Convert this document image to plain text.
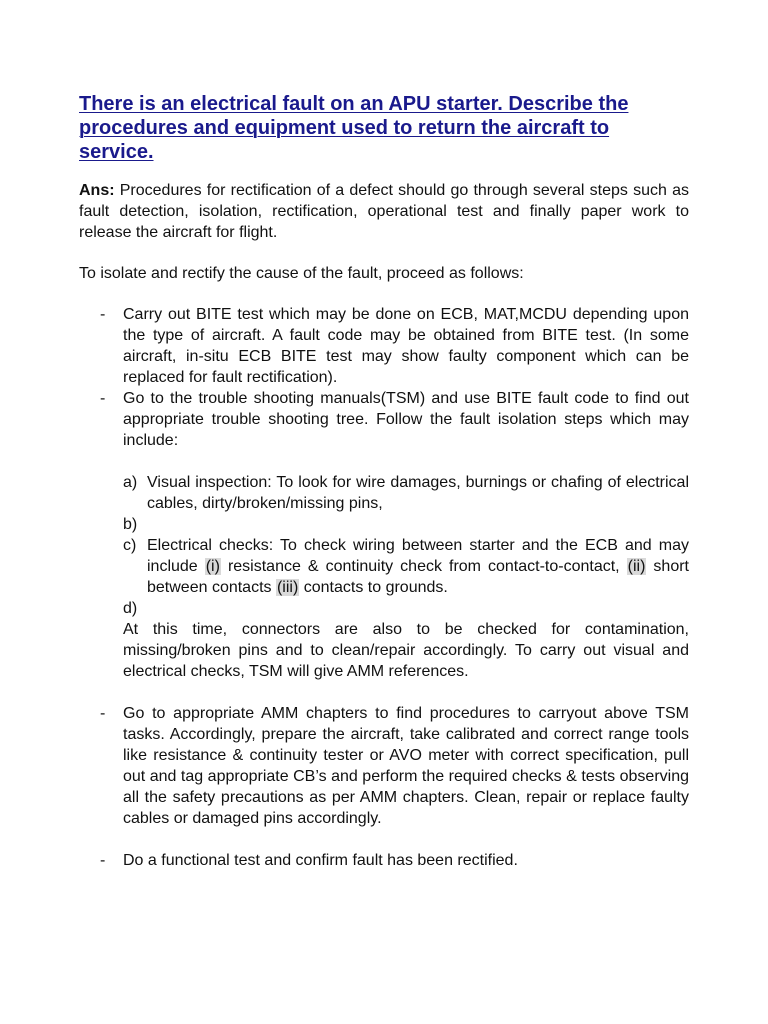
There is an electrical fault on an APU starter. Describe the procedures and equipment used to return the aircraft to service.

Ans: Procedures for rectification of a defect should go through several steps such as fault detection, isolation, rectification, operational test and finally paper work to release the aircraft for flight.

To isolate and rectify the cause of the fault, proceed as follows:

- Carry out BITE test which may be done on ECB, MAT,MCDU depending upon the type of aircraft. A fault code may be obtained from BITE test. (In some aircraft, in-situ ECB BITE test may show faulty component which can be replaced for fault rectification).
- Go to the trouble shooting manuals(TSM) and use BITE fault code to find out appropriate trouble shooting tree. Follow the fault isolation steps which may include:
a) Visual inspection: To look for wire damages, burnings or chafing of electrical cables, dirty/broken/missing pins,
b)
c) Electrical checks: To check wiring between starter and the ECB and may include (i) resistance & continuity check from contact-to-contact, (ii) short between contacts (iii) contacts to grounds.
d)

At this time, connectors are also to be checked for contamination, missing/broken pins and to clean/repair accordingly. To carry out visual and electrical checks, TSM will give AMM references.

- Go to appropriate AMM chapters to find procedures to carryout above TSM tasks. Accordingly, prepare the aircraft, take calibrated and correct range tools like resistance & continuity tester or AVO meter with correct specification, pull out and tag appropriate CB’s and perform the required checks & tests observing all the safety precautions as per AMM chapters. Clean, repair or replace faulty cables or damaged pins accordingly.
- Do a functional test and confirm fault has been rectified.
